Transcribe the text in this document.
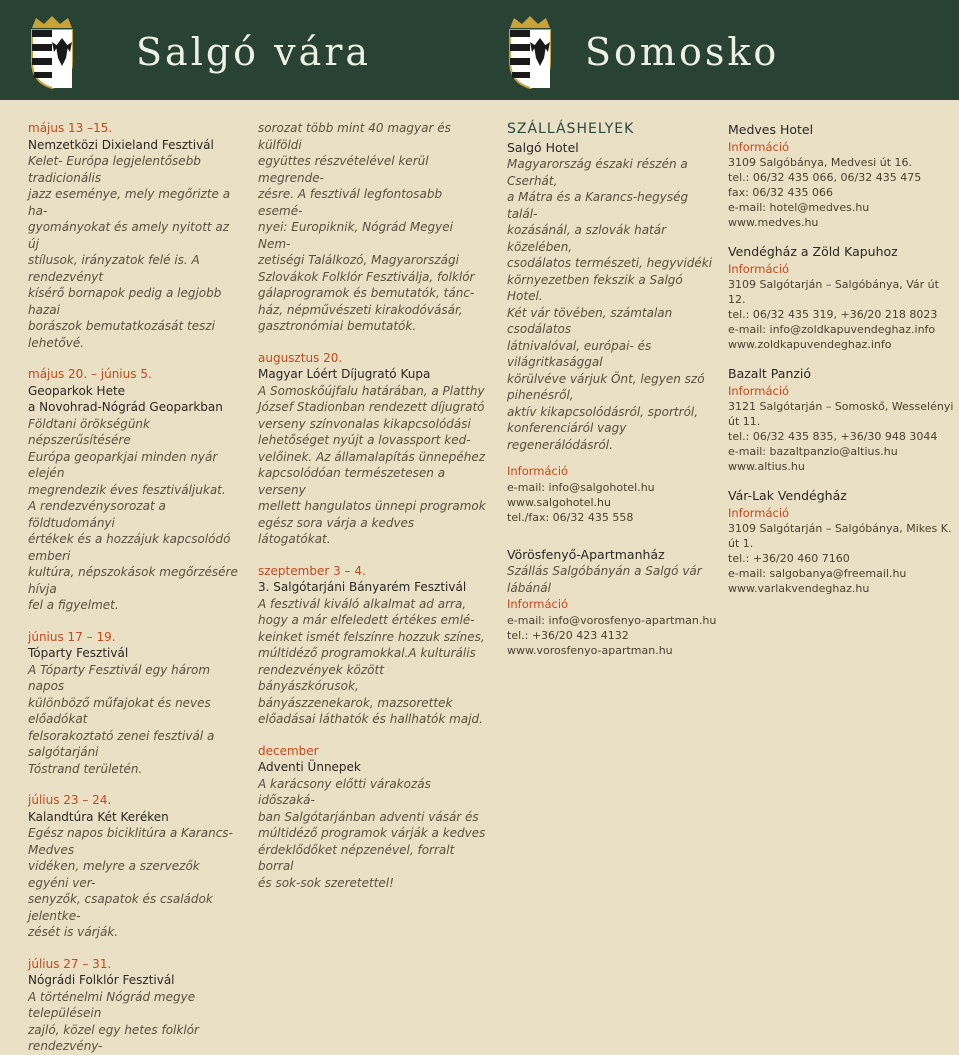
Salgó vára	Somosko
május 13 –15.
Nemzetközi Dixieland Fesztivál
Kelet- Európa legjelentősebb tradicionális
jazz eseménye, mely megőrizte a ha-
gyományokat és amely nyitott az új
stílusok, irányzatok felé is. A rendezvényt
kísérő bornapok pedig a legjobb hazai
borászok bemutatkozását teszi lehetővé.
május 20. – június 5.
Geoparkok Hete
a Novohrad-Nógrád Geoparkban
Földtani örökségünk népszerűsítésére
Európa geoparkjai minden nyár elején
megrendezik éves fesztiváljukat.
A rendezvénysorozat a földtudományi
értékek és a hozzájuk kapcsolódó emberi
kultúra, népszokások megőrzésére hívja
fel a figyelmet.
június 17 – 19.
Tóparty Fesztivál
A Tóparty Fesztivál egy három napos
különböző műfajokat és neves előadókat
felsorakoztató zenei fesztivál a salgótarjáni
Tóstrand területén.
július 23 – 24.
Kalandtúra Két Keréken
Egész napos biciklitúra a Karancs-Medves
vidéken, melyre a szervezők egyéni ver-
senyzők, csapatok és családok jelentke-
zését is várják.
július 27 – 31.
Nógrádi Folklór Fesztivál
A történelmi Nógrád megye településein
zajló, közel egy hetes folklór rendezvény-
sorozat több mint 40 magyar és külföldi
együttes részvételével kerül megrende-
zésre. A fesztivál legfontosabb esemé-
nyei: Europiknik, Nógrád Megyei Nem-
zetiségi Találkozó, Magyarországi
Szlovákok Folklór Fesztiválja, folklór
gálaprogramok és bemutatók, tánc-
ház, népművészeti kirakodóvásár,
gasztronómiai bemutatók.
augusztus 20.
Magyar Lóért Díjugrató Kupa
A Somoskőújfalu határában, a Platthy
József Stadionban rendezett díjugrató
verseny színvonalas kikapcsolódási
lehetőséget nyújt a lovassport ked-
velőinek. Az államalapítás ünnepéhez
kapcsolódóan természetesen a verseny
mellett hangulatos ünnepi programok
egész sora várja a kedves látogatókat.
szeptember 3 – 4.
3. Salgótarjáni Bányarém Fesztivál
A fesztivál kiváló alkalmat ad arra,
hogy a már elfeledett értékes emlé-
keinket ismét felszínre hozzuk színes,
múltidéző programokkal.A kulturális
rendezvények között bányászkórusok,
bányászzenekarok, mazsorettek
előadásai láthatók és hallhatók majd.
december
Adventi Ünnepek
A karácsony előtti várakozás időszaká-
ban Salgótarjánban adventi vásár és
múltidéző programok várják a kedves
érdeklődőket népzenével, forralt borral
és sok-sok szeretettel!
SZÁLLÁSHELYEK
Salgó Hotel
Magyarország északi részén a Cserhát,
a Mátra és a Karancs-hegység talál-
kozásánál, a szlovák határ közelében,
csodálatos természeti, hegyvidéki
környezetben fekszik a Salgó Hotel.
Két vár tövében, számtalan csodálatos
látnivalóval, európai- és világritkasággal
körülvéve várjuk Önt, legyen szó pihenésről,
aktív kikapcsolódásról, sportról,
konferenciáról vagy regenerálódásról.
Információ
e-mail: info@salgohotel.hu
www.salgohotel.hu
tel./fax: 06/32 435 558
Vörösfenyő-Apartmanház
Szállás Salgóbányán a Salgó vár lábánál
Információ
e-mail: info@vorosfenyo-apartman.hu
tel.: +36/20 423 4132
www.vorosfenyo-apartman.hu
Medves Hotel
Információ
3109 Salgóbánya, Medvesi út 16.
tel.: 06/32 435 066, 06/32 435 475
fax: 06/32 435 066
e-mail: hotel@medves.hu
www.medves.hu
Vendégház a Zöld Kapuhoz
Információ
3109 Salgótarján – Salgóbánya, Vár út 12.
tel.: 06/32 435 319, +36/20 218 8023
e-mail: info@zoldkapuvendeghaz.info
www.zoldkapuvendeghaz.info
Bazalt Panzió
Információ
3121 Salgótarján – Somoskő, Wesselényi út 11.
tel.: 06/32 435 835, +36/30 948 3044
e-mail: bazaltpanzio@altius.hu
www.altius.hu
Vár-Lak Vendégház
Információ
3109 Salgótarján – Salgóbánya, Mikes K. út 1.
tel.: +36/20 460 7160
e-mail: salgobanya@freemail.hu
www.varlakvendeghaz.hu
